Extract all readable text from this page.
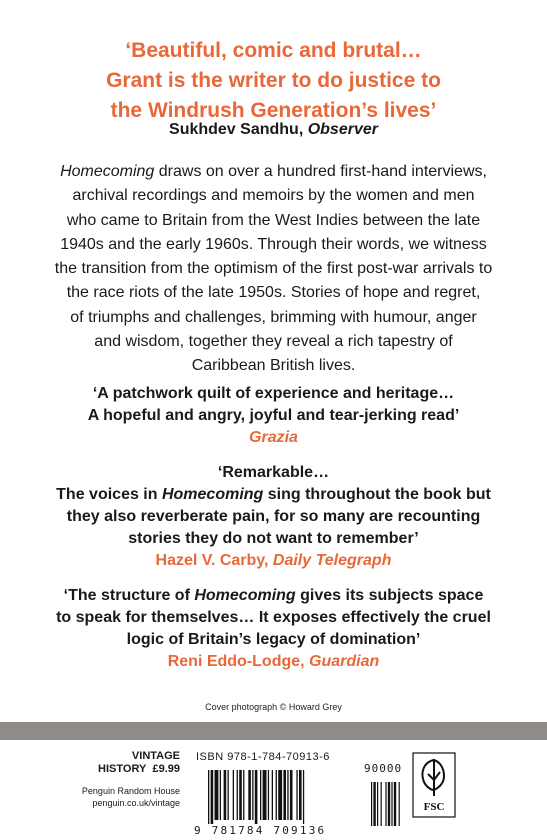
‘Beautiful, comic and brutal…
Grant is the writer to do justice to
the Windrush Generation’s lives’
Sukhdev Sandhu, Observer
Homecoming draws on over a hundred first-hand interviews,
archival recordings and memoirs by the women and men
who came to Britain from the West Indies between the late
1940s and the early 1960s. Through their words, we witness
the transition from the optimism of the first post-war arrivals to
the race riots of the late 1950s. Stories of hope and regret,
of triumphs and challenges, brimming with humour, anger
and wisdom, together they reveal a rich tapestry of
Caribbean British lives.
‘A patchwork quilt of experience and heritage…
A hopeful and angry, joyful and tear-jerking read’
Grazia
‘Remarkable…
The voices in Homecoming sing throughout the book but
they also reverberate pain, for so many are recounting
stories they do not want to remember’
Hazel V. Carby, Daily Telegraph
‘The structure of Homecoming gives its subjects space
to speak for themselves… It exposes effectively the cruel
logic of Britain’s legacy of domination’
Reni Eddo-Lodge, Guardian
Cover photograph © Howard Grey
VINTAGE
HISTORY £9.99
Penguin Random House
penguin.co.uk/vintage
ISBN 978-1-784-70913-6
9 781784 709136
90000
FSC
